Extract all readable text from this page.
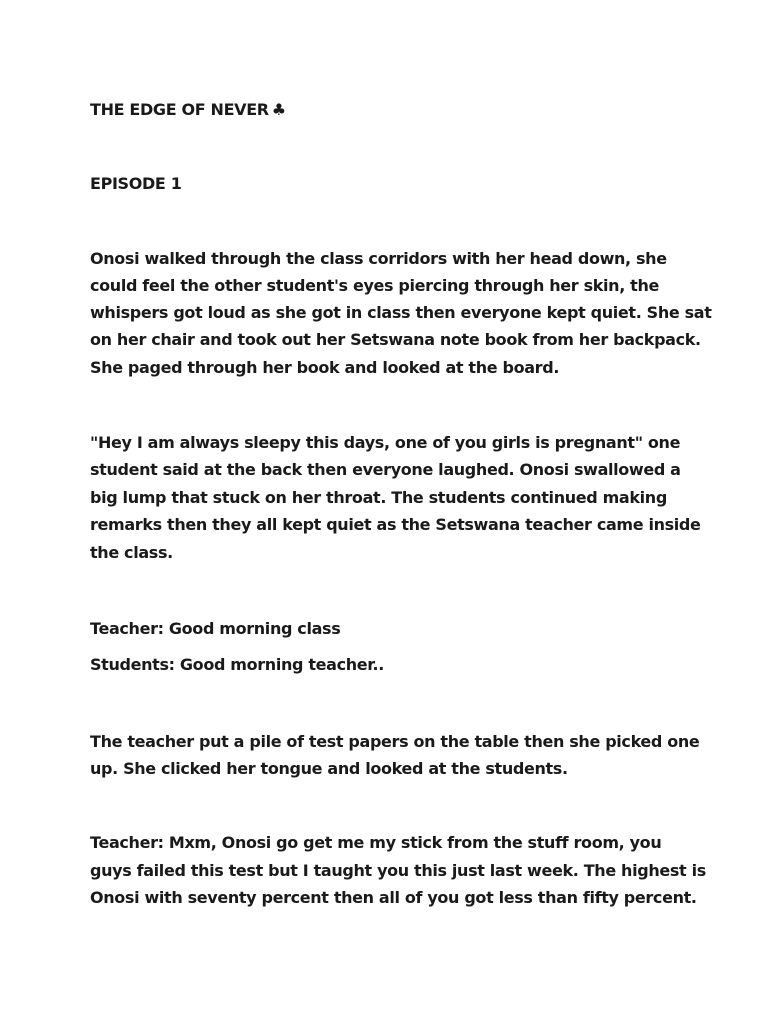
THE EDGE OF NEVER ♣
EPISODE 1
Onosi walked through the class corridors with her head down, she
could feel the other student's eyes piercing through her skin, the
whispers got loud as she got in class then everyone kept quiet. She sat
on her chair and took out her Setswana note book from her backpack.
She paged through her book and looked at the board.
"Hey I am always sleepy this days, one of you girls is pregnant" one
student said at the back then everyone laughed. Onosi swallowed a
big lump that stuck on her throat. The students continued making
remarks then they all kept quiet as the Setswana teacher came inside
the class.
Teacher: Good morning class
Students: Good morning teacher..
The teacher put a pile of test papers on the table then she picked one
up. She clicked her tongue and looked at the students.
Teacher: Mxm, Onosi go get me my stick from the stuff room, you
guys failed this test but I taught you this just last week. The highest is
Onosi with seventy percent then all of you got less than fifty percent.
